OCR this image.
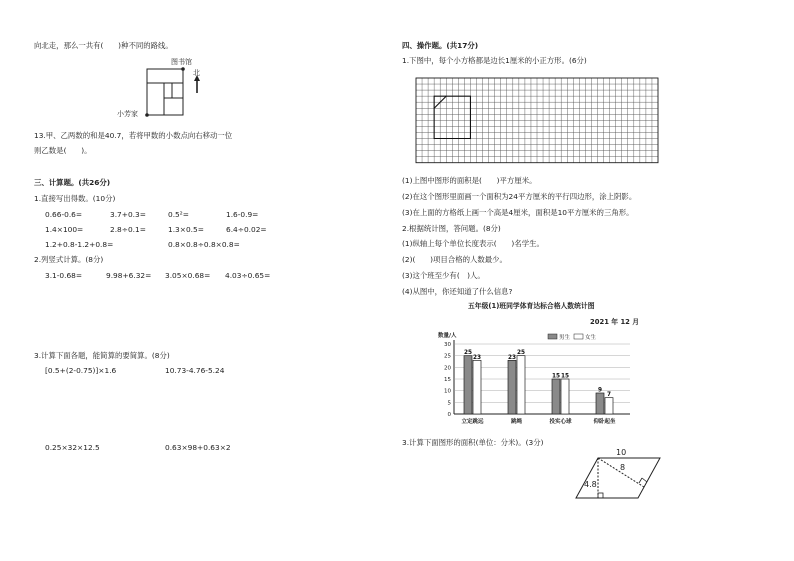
向北走，那么一共有(　　)种不同的路线。
图书馆
北
小芳家
13.甲、乙两数的和是40.7，若将甲数的小数点向右移动一位
则乙数是(　　)。
三、计算题。(共26分)
1.直接写出得数。(10分)
0.66-0.6=	3.7+0.3=	0.5²=	1.6-0.9=
1.4×100=	2.8÷0.1=	1.3×0.5=	6.4÷0.02=
1.2+0.8-1.2+0.8=	0.8×0.8÷0.8×0.8=
2.列竖式计算。(8分)
3.1-0.68=	9.98+6.32= 3.05×0.68= 4.03÷0.65=
3.计算下面各题，能简算的要简算。(8分)
[0.5+(2-0.75)]×1.6	10.73-4.76-5.24
0.25×32×12.5	0.63×98+0.63×2
四、操作题。(共17分)
1.下图中，每个小方格都是边长1厘米的小正方形。(6分)
(1)上图中图形的面积是(　　)平方厘米。
(2)在这个图形里面画一个面积为24平方厘米的平行四边形，涂上阴影。
(3)在上面的方格纸上画一个高是4厘米，面积是10平方厘米的三角形。
2.根据统计图，答问题。(8分)
(1)纵轴上每个单位长度表示(　　)名学生。
(2)(　　)项目合格的人数最少。
(3)这个班至少有(　)人。
(4)从图中，你还知道了什么信息?
五年级(1)班同学体育达标合格人数统计图
2021 年 12 月
0
5
10
15
20
25
30
数量/人	男生	女生
25
23
立定跳远
23
25
跳绳
15 15
投实心球
9
7
仰卧起坐
3.计算下面图形的面积(单位：分米)。(3分)
10
8
4.8
